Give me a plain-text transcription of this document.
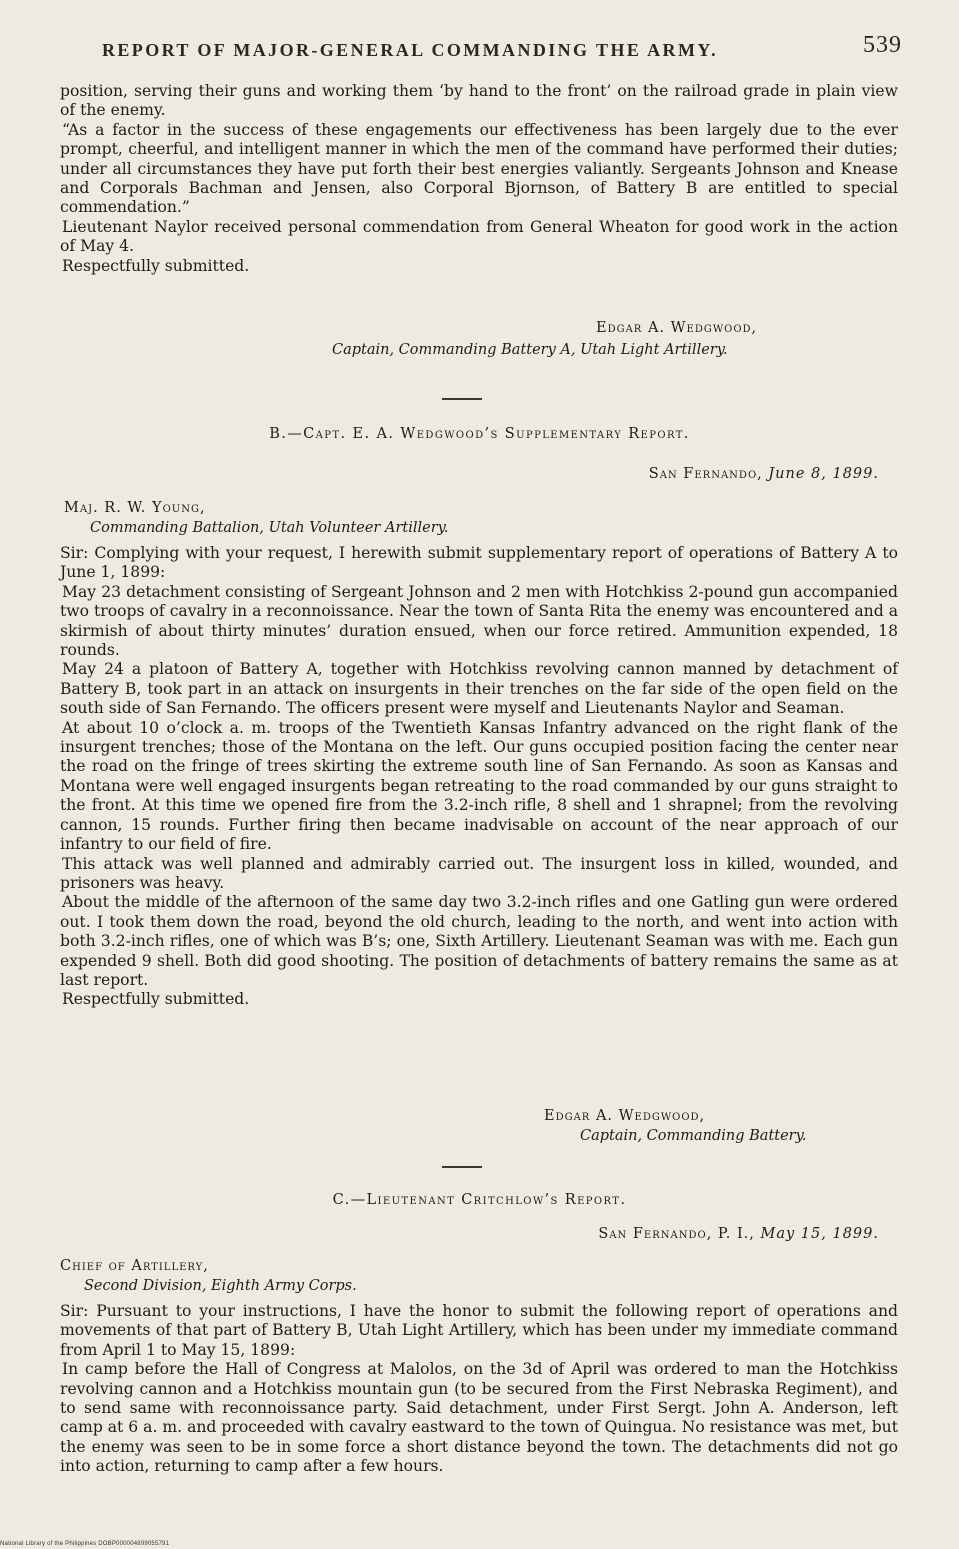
REPORT OF MAJOR-GENERAL COMMANDING THE ARMY.	539

position, serving their guns and working them ‘by hand to the front’ on the railroad grade in plain view of the enemy.

“As a factor in the success of these engagements our effectiveness has been largely due to the ever prompt, cheerful, and intelligent manner in which the men of the command have performed their duties; under all circumstances they have put forth their best energies valiantly. Sergeants Johnson and Knease and Corporals Bachman and Jensen, also Corporal Bjornson, of Battery B are entitled to special commendation.”

Lieutenant Naylor received personal commendation from General Wheaton for good work in the action of May 4.

Respectfully submitted.

Edgar A. Wedgwood,
Captain, Commanding Battery A, Utah Light Artillery.
B.—Capt. E. A. Wedgwood’s Supplementary Report.
San Fernando, June 8, 1899.
Maj. R. W. Young,
Commanding Battalion, Utah Volunteer Artillery.

Sir: Complying with your request, I herewith submit supplementary report of operations of Battery A to June 1, 1899:

May 23 detachment consisting of Sergeant Johnson and 2 men with Hotchkiss 2-pound gun accompanied two troops of cavalry in a reconnoissance. Near the town of Santa Rita the enemy was encountered and a skirmish of about thirty minutes’ duration ensued, when our force retired. Ammunition expended, 18 rounds.

May 24 a platoon of Battery A, together with Hotchkiss revolving cannon manned by detachment of Battery B, took part in an attack on insurgents in their trenches on the far side of the open field on the south side of San Fernando. The officers present were myself and Lieutenants Naylor and Seaman.

At about 10 o’clock a. m. troops of the Twentieth Kansas Infantry advanced on the right flank of the insurgent trenches; those of the Montana on the left. Our guns occupied position facing the center near the road on the fringe of trees skirting the extreme south line of San Fernando. As soon as Kansas and Montana were well engaged insurgents began retreating to the road commanded by our guns straight to the front. At this time we opened fire from the 3.2-inch rifle, 8 shell and 1 shrapnel; from the revolving cannon, 15 rounds. Further firing then became inadvisable on account of the near approach of our infantry to our field of fire.

This attack was well planned and admirably carried out. The insurgent loss in killed, wounded, and prisoners was heavy.

About the middle of the afternoon of the same day two 3.2-inch rifles and one Gatling gun were ordered out. I took them down the road, beyond the old church, leading to the north, and went into action with both 3.2-inch rifles, one of which was B’s; one, Sixth Artillery. Lieutenant Seaman was with me. Each gun expended 9 shell. Both did good shooting. The position of detachments of battery remains the same as at last report.

Respectfully submitted.

Edgar A. Wedgwood,
Captain, Commanding Battery.
C.—Lieutenant Critchlow’s Report.
San Fernando, P. I., May 15, 1899.
Chief of Artillery,
Second Division, Eighth Army Corps.

Sir: Pursuant to your instructions, I have the honor to submit the following report of operations and movements of that part of Battery B, Utah Light Artillery, which has been under my immediate command from April 1 to May 15, 1899:

In camp before the Hall of Congress at Malolos, on the 3d of April was ordered to man the Hotchkiss revolving cannon and a Hotchkiss mountain gun (to be secured from the First Nebraska Regiment), and to send same with reconnoissance party. Said detachment, under First Sergt. John A. Anderson, left camp at 6 a. m. and proceeded with cavalry eastward to the town of Quingua. No resistance was met, but the enemy was seen to be in some force a short distance beyond the town. The detachments did not go into action, returning to camp after a few hours.

National Library of the Philippines DOBP000004899055791
